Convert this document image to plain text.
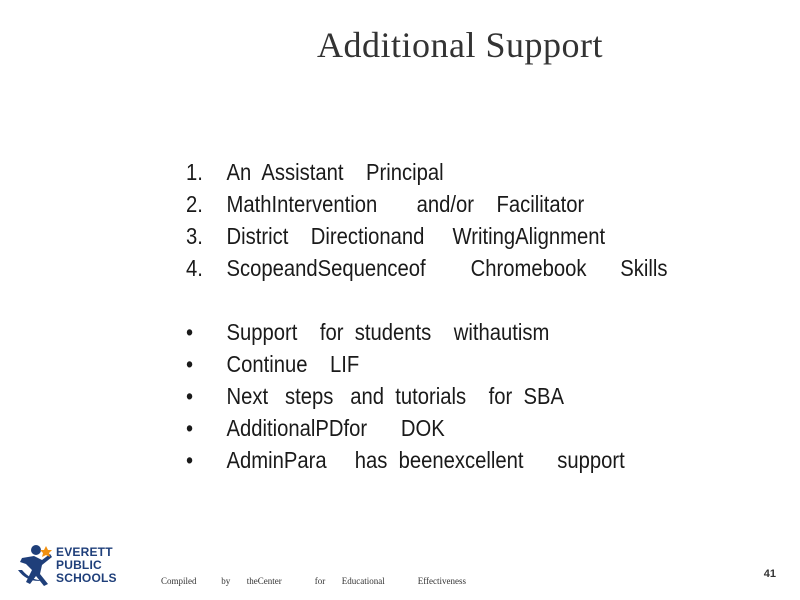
Additional Support
1. An  Assistant    Principal
2. MathIntervention       and/or    Facilitator
3. District    Directionand     WritingAlignment
4. ScopeandSequenceof        Chromebook      Skills
• Support    for  students    withautism
• Continue    LIF
• Next   steps   and  tutorials    for  SBA
• AdditionalPDfor      DOK
• AdminPara     has  beenexcellent      support
EVERETT
PUBLIC
SCHOOLS	Compiled   by  theCenter    for  Educational    Effectiveness
41
